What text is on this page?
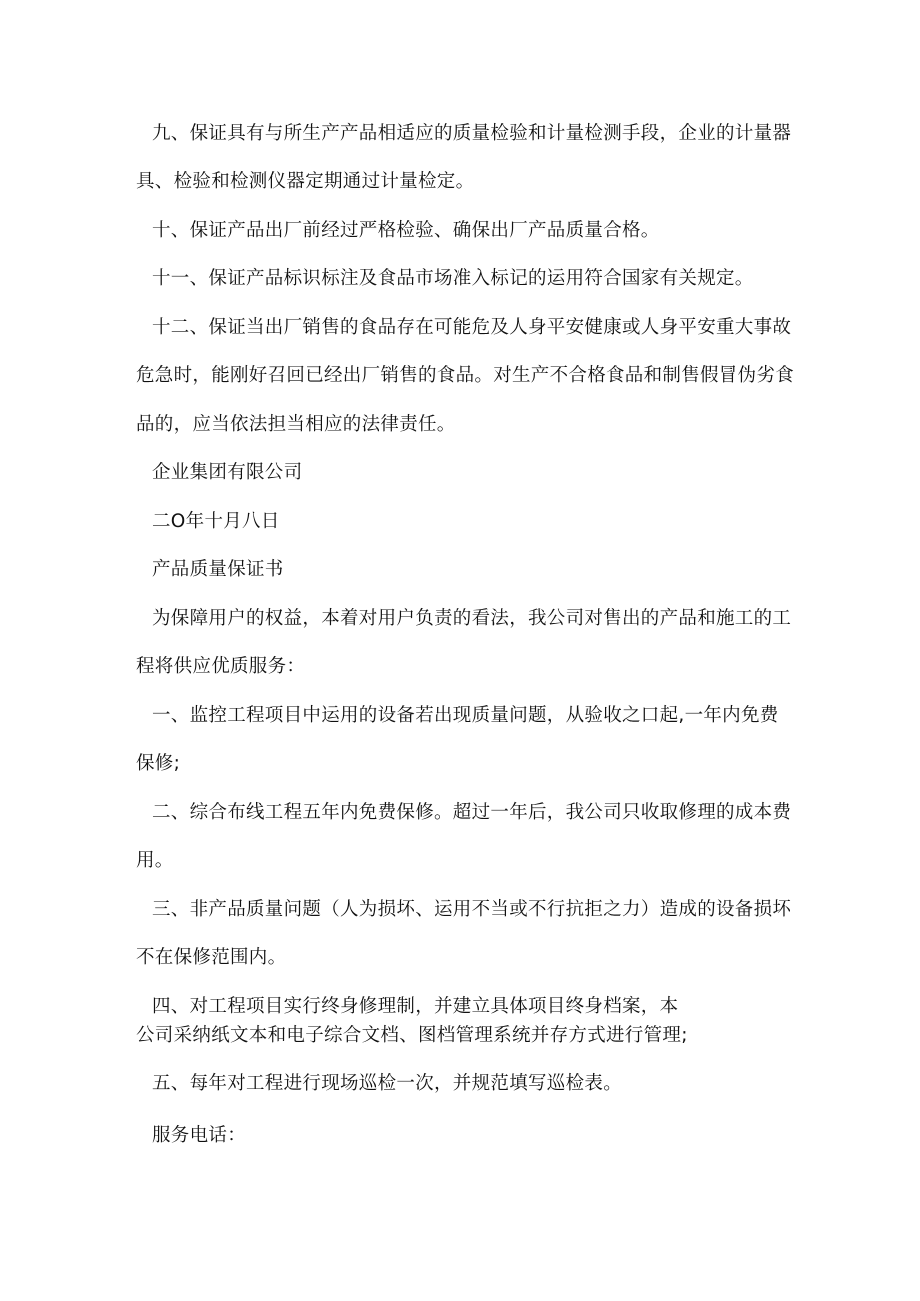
九、保证具有与所生产产品相适应的质量检验和计量检测手段，企业的计量器
具、检验和检测仪器定期通过计量检定。
十、保证产品出厂前经过严格检验、确保出厂产品质量合格。
十一、保证产品标识标注及食品市场准入标记的运用符合国家有关规定。
十二、保证当出厂销售的食品存在可能危及人身平安健康或人身平安重大事故
危急时，能刚好召回已经出厂销售的食品。对生产不合格食品和制售假冒伪劣食
品的，应当依法担当相应的法律责任。
企业集团有限公司
二O年十月八日
产品质量保证书
为保障用户的权益，本着对用户负责的看法，我公司对售出的产品和施工的工
程将供应优质服务：
一、监控工程项目中运用的设备若出现质量问题，从验收之口起,一年内免费
保修;
二、综合布线工程五年内免费保修。超过一年后，我公司只收取修理的成本费
用。
三、非产品质量问题（人为损坏、运用不当或不行抗拒之力）造成的设备损坏
不在保修范围内。
四、对工程项目实行终身修理制，并建立具体项目终身档案，本
公司采纳纸文本和电子综合文档、图档管理系统并存方式进行管理;
五、每年对工程进行现场巡检一次，并规范填写巡检表。
服务电话：
